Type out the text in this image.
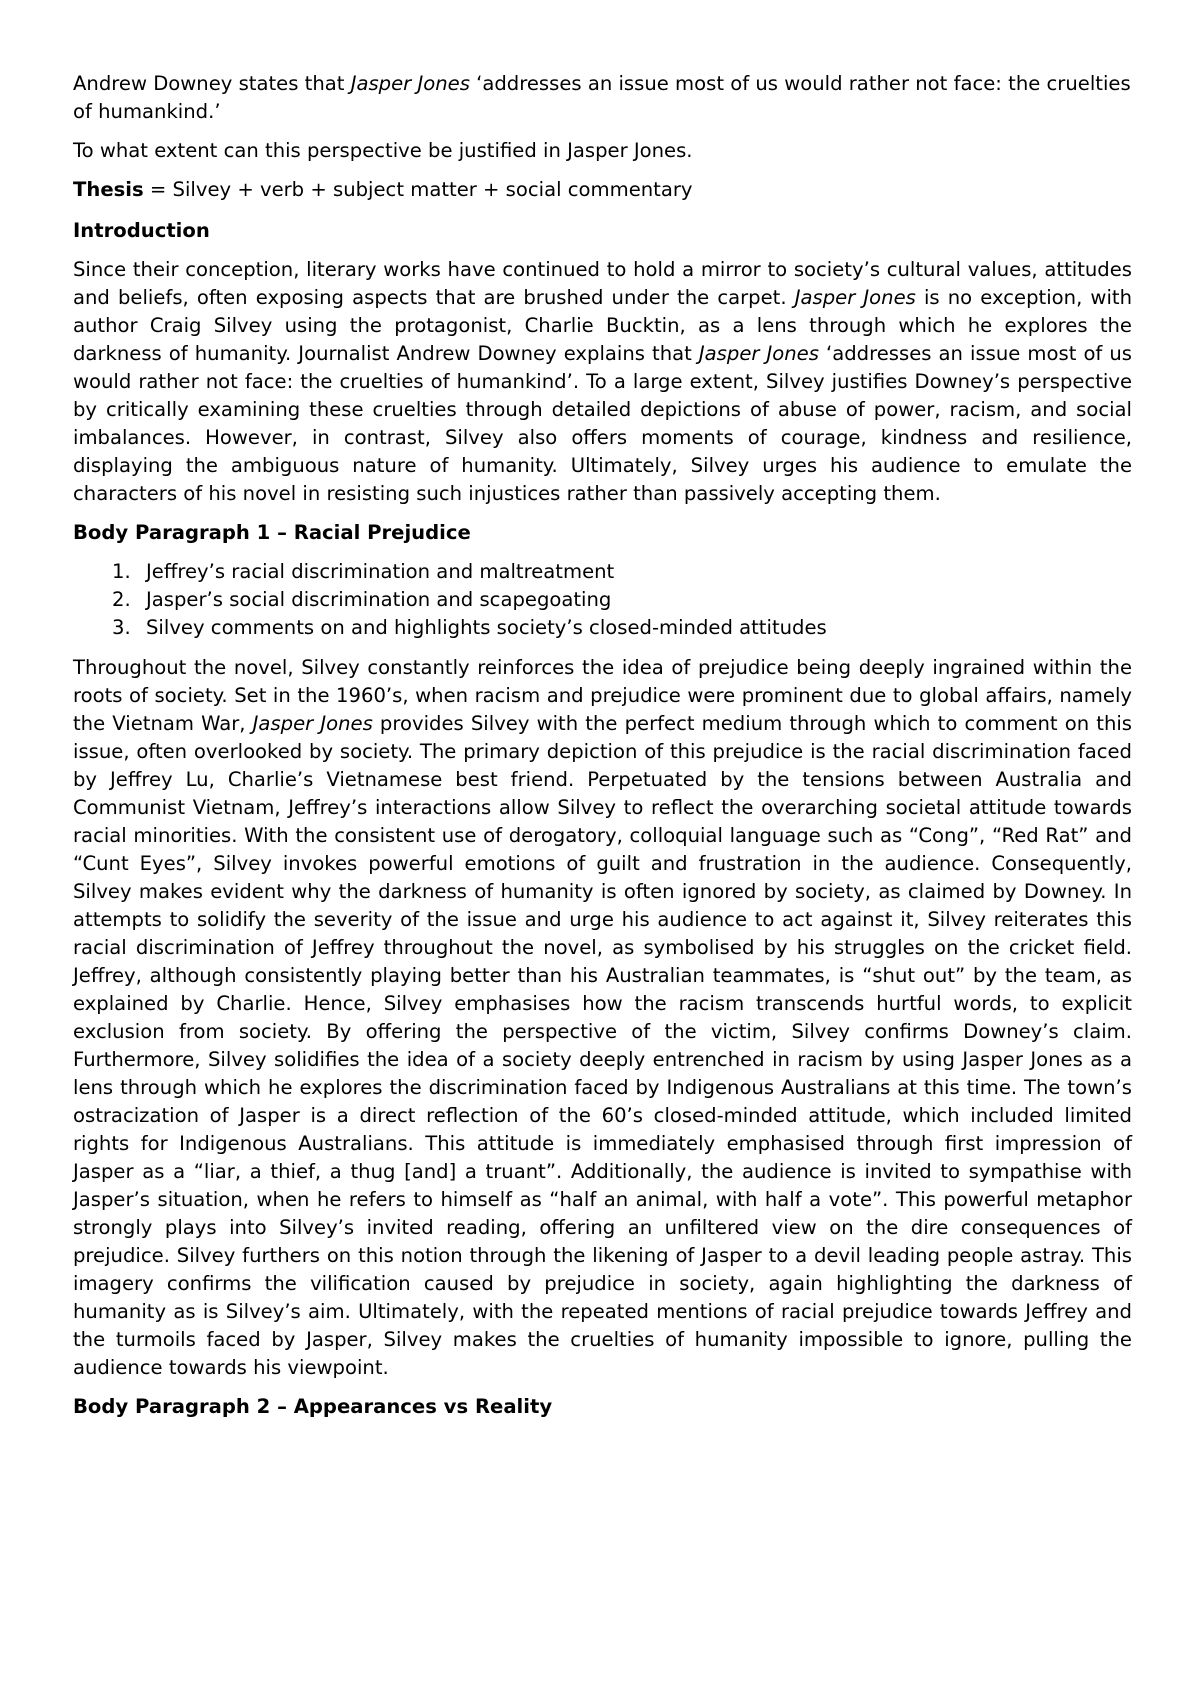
Andrew Downey states that Jasper Jones ‘addresses an issue most of us would rather not face: the cruelties of humankind.’

To what extent can this perspective be justified in Jasper Jones.

Thesis = Silvey + verb + subject matter + social commentary

Introduction

Since their conception, literary works have continued to hold a mirror to society’s cultural values, attitudes and beliefs, often exposing aspects that are brushed under the carpet. Jasper Jones is no exception, with author Craig Silvey using the protagonist, Charlie Bucktin, as a lens through which he explores the darkness of humanity. Journalist Andrew Downey explains that Jasper Jones ‘addresses an issue most of us would rather not face: the cruelties of humankind’. To a large extent, Silvey justifies Downey’s perspective by critically examining these cruelties through detailed depictions of abuse of power, racism, and social imbalances. However, in contrast, Silvey also offers moments of courage, kindness and resilience, displaying the ambiguous nature of humanity. Ultimately, Silvey urges his audience to emulate the characters of his novel in resisting such injustices rather than passively accepting them.

Body Paragraph 1 – Racial Prejudice

1. Jeffrey’s racial discrimination and maltreatment
2. Jasper’s social discrimination and scapegoating
3. Silvey comments on and highlights society’s closed-minded attitudes

Throughout the novel, Silvey constantly reinforces the idea of prejudice being deeply ingrained within the roots of society. Set in the 1960’s, when racism and prejudice were prominent due to global affairs, namely the Vietnam War, Jasper Jones provides Silvey with the perfect medium through which to comment on this issue, often overlooked by society. The primary depiction of this prejudice is the racial discrimination faced by Jeffrey Lu, Charlie’s Vietnamese best friend. Perpetuated by the tensions between Australia and Communist Vietnam, Jeffrey’s interactions allow Silvey to reflect the overarching societal attitude towards racial minorities. With the consistent use of derogatory, colloquial language such as “Cong”, “Red Rat” and “Cunt Eyes”, Silvey invokes powerful emotions of guilt and frustration in the audience. Consequently, Silvey makes evident why the darkness of humanity is often ignored by society, as claimed by Downey. In attempts to solidify the severity of the issue and urge his audience to act against it, Silvey reiterates this racial discrimination of Jeffrey throughout the novel, as symbolised by his struggles on the cricket field. Jeffrey, although consistently playing better than his Australian teammates, is “shut out” by the team, as explained by Charlie. Hence, Silvey emphasises how the racism transcends hurtful words, to explicit exclusion from society. By offering the perspective of the victim, Silvey confirms Downey’s claim. Furthermore, Silvey solidifies the idea of a society deeply entrenched in racism by using Jasper Jones as a lens through which he explores the discrimination faced by Indigenous Australians at this time. The town’s ostracization of Jasper is a direct reflection of the 60’s closed-minded attitude, which included limited rights for Indigenous Australians. This attitude is immediately emphasised through first impression of Jasper as a “liar, a thief, a thug [and] a truant”. Additionally, the audience is invited to sympathise with Jasper’s situation, when he refers to himself as “half an animal, with half a vote”. This powerful metaphor strongly plays into Silvey’s invited reading, offering an unfiltered view on the dire consequences of prejudice. Silvey furthers on this notion through the likening of Jasper to a devil leading people astray. This imagery confirms the vilification caused by prejudice in society, again highlighting the darkness of humanity as is Silvey’s aim. Ultimately, with the repeated mentions of racial prejudice towards Jeffrey and the turmoils faced by Jasper, Silvey makes the cruelties of humanity impossible to ignore, pulling the audience towards his viewpoint.

Body Paragraph 2 – Appearances vs Reality
